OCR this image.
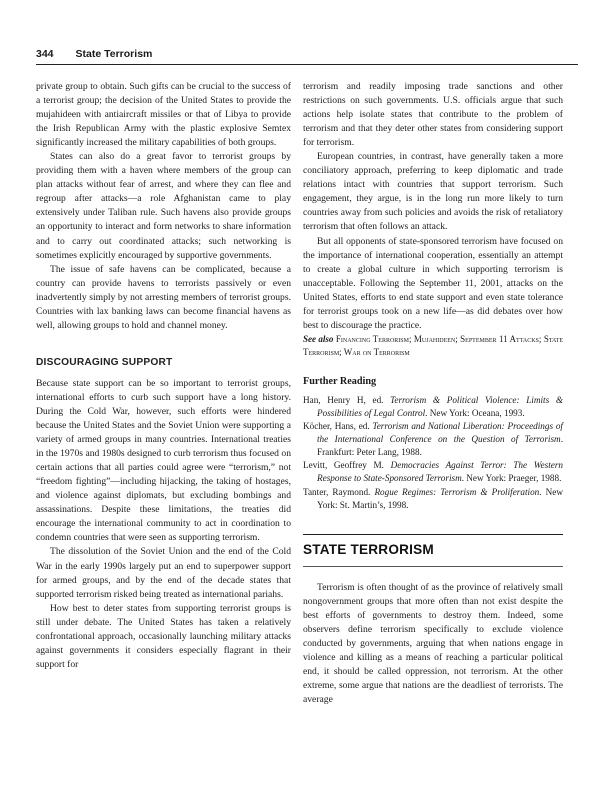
344 State Terrorism

private group to obtain. Such gifts can be crucial to the success of a terrorist group; the decision of the United States to provide the mujahideen with antiaircraft missiles or that of Libya to provide the Irish Republican Army with the plastic explosive Semtex significantly increased the military capabilities of both groups.

States can also do a great favor to terrorist groups by providing them with a haven where members of the group can plan attacks without fear of arrest, and where they can flee and regroup after attacks—a role Afghanistan came to play extensively under Taliban rule. Such havens also provide groups an opportunity to interact and form networks to share information and to carry out coordinated attacks; such networking is sometimes explicitly encouraged by supportive governments.

The issue of safe havens can be complicated, because a country can provide havens to terrorists passively or even inadvertently simply by not arresting members of terrorist groups. Countries with lax banking laws can become financial havens as well, allowing groups to hold and channel money.

DISCOURAGING SUPPORT

Because state support can be so important to terrorist groups, international efforts to curb such support have a long history. During the Cold War, however, such efforts were hindered because the United States and the Soviet Union were supporting a variety of armed groups in many countries. International treaties in the 1970s and 1980s designed to curb terrorism thus focused on certain actions that all parties could agree were “terrorism,” not “freedom fighting”—including hijacking, the taking of hostages, and violence against diplomats, but excluding bombings and assassinations. Despite these limitations, the treaties did encourage the international community to act in coordination to condemn countries that were seen as supporting terrorism.

The dissolution of the Soviet Union and the end of the Cold War in the early 1990s largely put an end to superpower support for armed groups, and by the end of the decade states that supported terrorism risked being treated as international pariahs.

How best to deter states from supporting terrorist groups is still under debate. The United States has taken a relatively confrontational approach, occasionally launching military attacks against governments it considers especially flagrant in their support for

terrorism and readily imposing trade sanctions and other restrictions on such governments. U.S. officials argue that such actions help isolate states that contribute to the problem of terrorism and that they deter other states from considering support for terrorism.

European countries, in contrast, have generally taken a more conciliatory approach, preferring to keep diplomatic and trade relations intact with countries that support terrorism. Such engagement, they argue, is in the long run more likely to turn countries away from such policies and avoids the risk of retaliatory terrorism that often follows an attack.

But all opponents of state-sponsored terrorism have focused on the importance of international cooperation, essentially an attempt to create a global culture in which supporting terrorism is unacceptable. Following the September 11, 2001, attacks on the United States, efforts to end state support and even state tolerance for terrorist groups took on a new life—as did debates over how best to discourage the practice.

See also Financing Terrorism; Mujahideen; September 11 Attacks; State Terrorism; War on Terrorism

Further Reading

Han, Henry H, ed. Terrorism & Political Violence: Limits & Possibilities of Legal Control. New York: Oceana, 1993.

Köcher, Hans, ed. Terrorism and National Liberation: Proceedings of the International Conference on the Question of Terrorism. Frankfurt: Peter Lang, 1988.

Levitt, Geoffrey M. Democracies Against Terror: The Western Response to State-Sponsored Terrorism. New York: Praeger, 1988.

Tanter, Raymond. Rogue Regimes: Terrorism & Proliferation. New York: St. Martin’s, 1998.

STATE TERRORISM

Terrorism is often thought of as the province of relatively small nongovernment groups that more often than not exist despite the best efforts of governments to destroy them. Indeed, some observers define terrorism specifically to exclude violence conducted by governments, arguing that when nations engage in violence and killing as a means of reaching a particular political end, it should be called oppression, not terrorism. At the other extreme, some argue that nations are the deadliest of terrorists. The average
